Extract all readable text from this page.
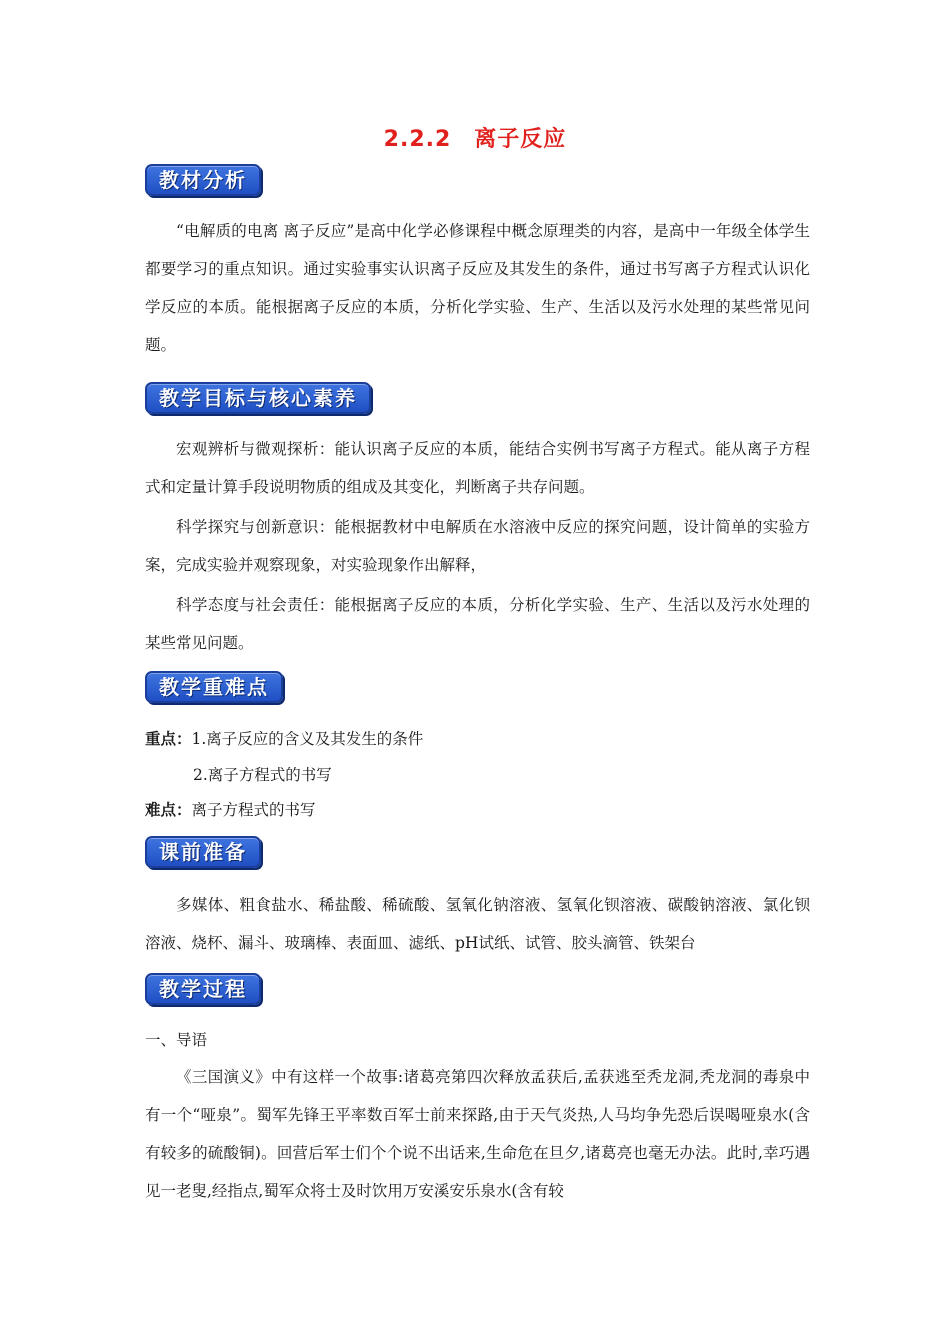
2.2.2　离子反应
教材分析

“电解质的电离 离子反应”是高中化学必修课程中概念原理类的内容，是高中一年级全体学生都要学习的重点知识。通过实验事实认识离子反应及其发生的条件，通过书写离子方程式认识化学反应的本质。能根据离子反应的本质，分析化学实验、生产、生活以及污水处理的某些常见问题。

教学目标与核心素养

宏观辨析与微观探析：能认识离子反应的本质，能结合实例书写离子方程式。能从离子方程式和定量计算手段说明物质的组成及其变化，判断离子共存问题。

科学探究与创新意识：能根据教材中电解质在水溶液中反应的探究问题，设计简单的实验方案，完成实验并观察现象，对实验现象作出解释，

科学态度与社会责任：能根据离子反应的本质，分析化学实验、生产、生活以及污水处理的某些常见问题。

教学重难点
重点：1.离子反应的含义及其发生的条件
2.离子方程式的书写
难点：离子方程式的书写
课前准备

多媒体、粗食盐水、稀盐酸、稀硫酸、氢氧化钠溶液、氢氧化钡溶液、碳酸钠溶液、氯化钡溶液、烧杯、漏斗、玻璃棒、表面皿、滤纸、pH试纸、试管、胶头滴管、铁架台

教学过程
一、导语

《三国演义》中有这样一个故事:诸葛亮第四次释放孟获后,孟获逃至秃龙洞,秃龙洞的毒泉中有一个“哑泉”。蜀军先锋王平率数百军士前来探路,由于天气炎热,人马均争先恐后误喝哑泉水(含有较多的硫酸铜)。回营后军士们个个说不出话来,生命危在旦夕,诸葛亮也毫无办法。此时,幸巧遇见一老叟,经指点,蜀军众将士及时饮用万安溪安乐泉水(含有较
